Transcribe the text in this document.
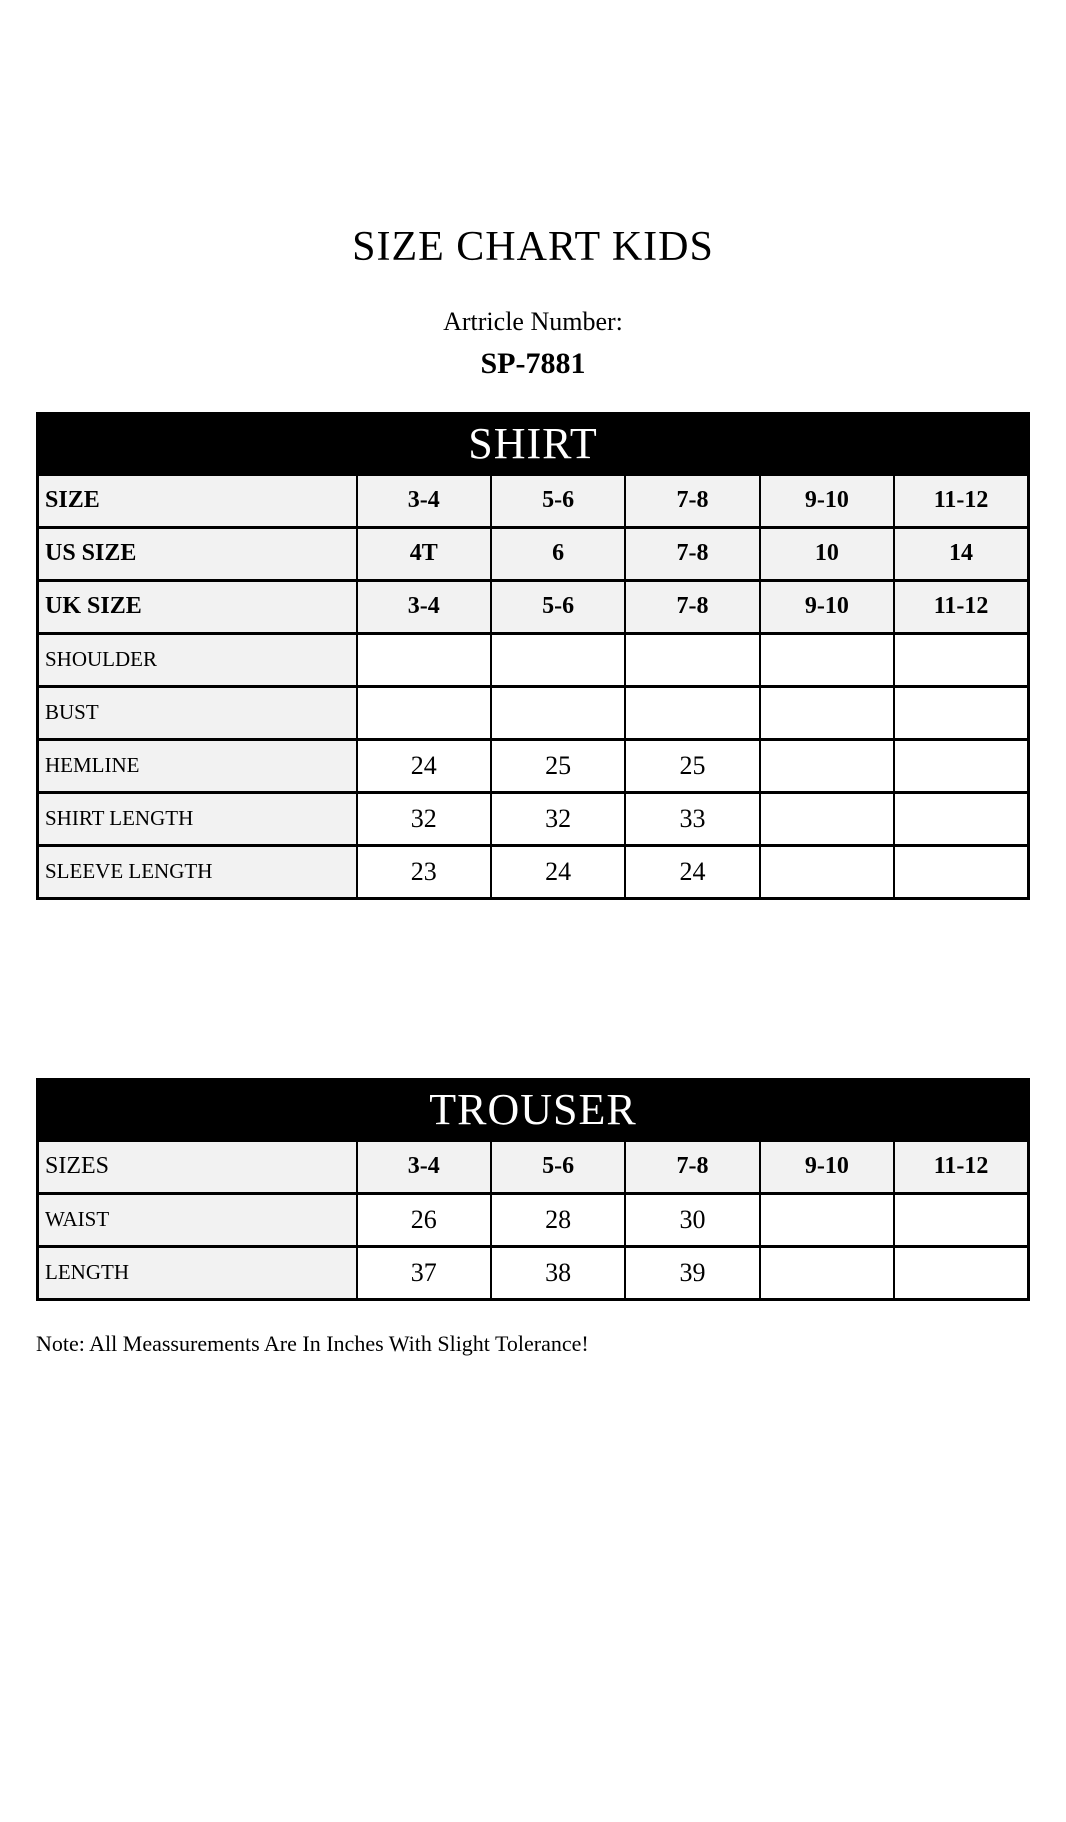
SIZE CHART KIDS
Artricle Number:
SP-7881
SHIRT					
SIZE	3-4	5-6	7-8	9-10	11-12
US SIZE	4T	6	7-8	10	14
UK SIZE	3-4	5-6	7-8	9-10	11-12
SHOULDER					
BUST					
HEMLINE	24	25	25		
SHIRT LENGTH	32	32	33		
SLEEVE LENGTH	23	24	24		
TROUSER					
SIZES	3-4	5-6	7-8	9-10	11-12
WAIST	26	28	30		
LENGTH	37	38	39		
Note: All Meassurements Are In Inches With Slight Tolerance!
